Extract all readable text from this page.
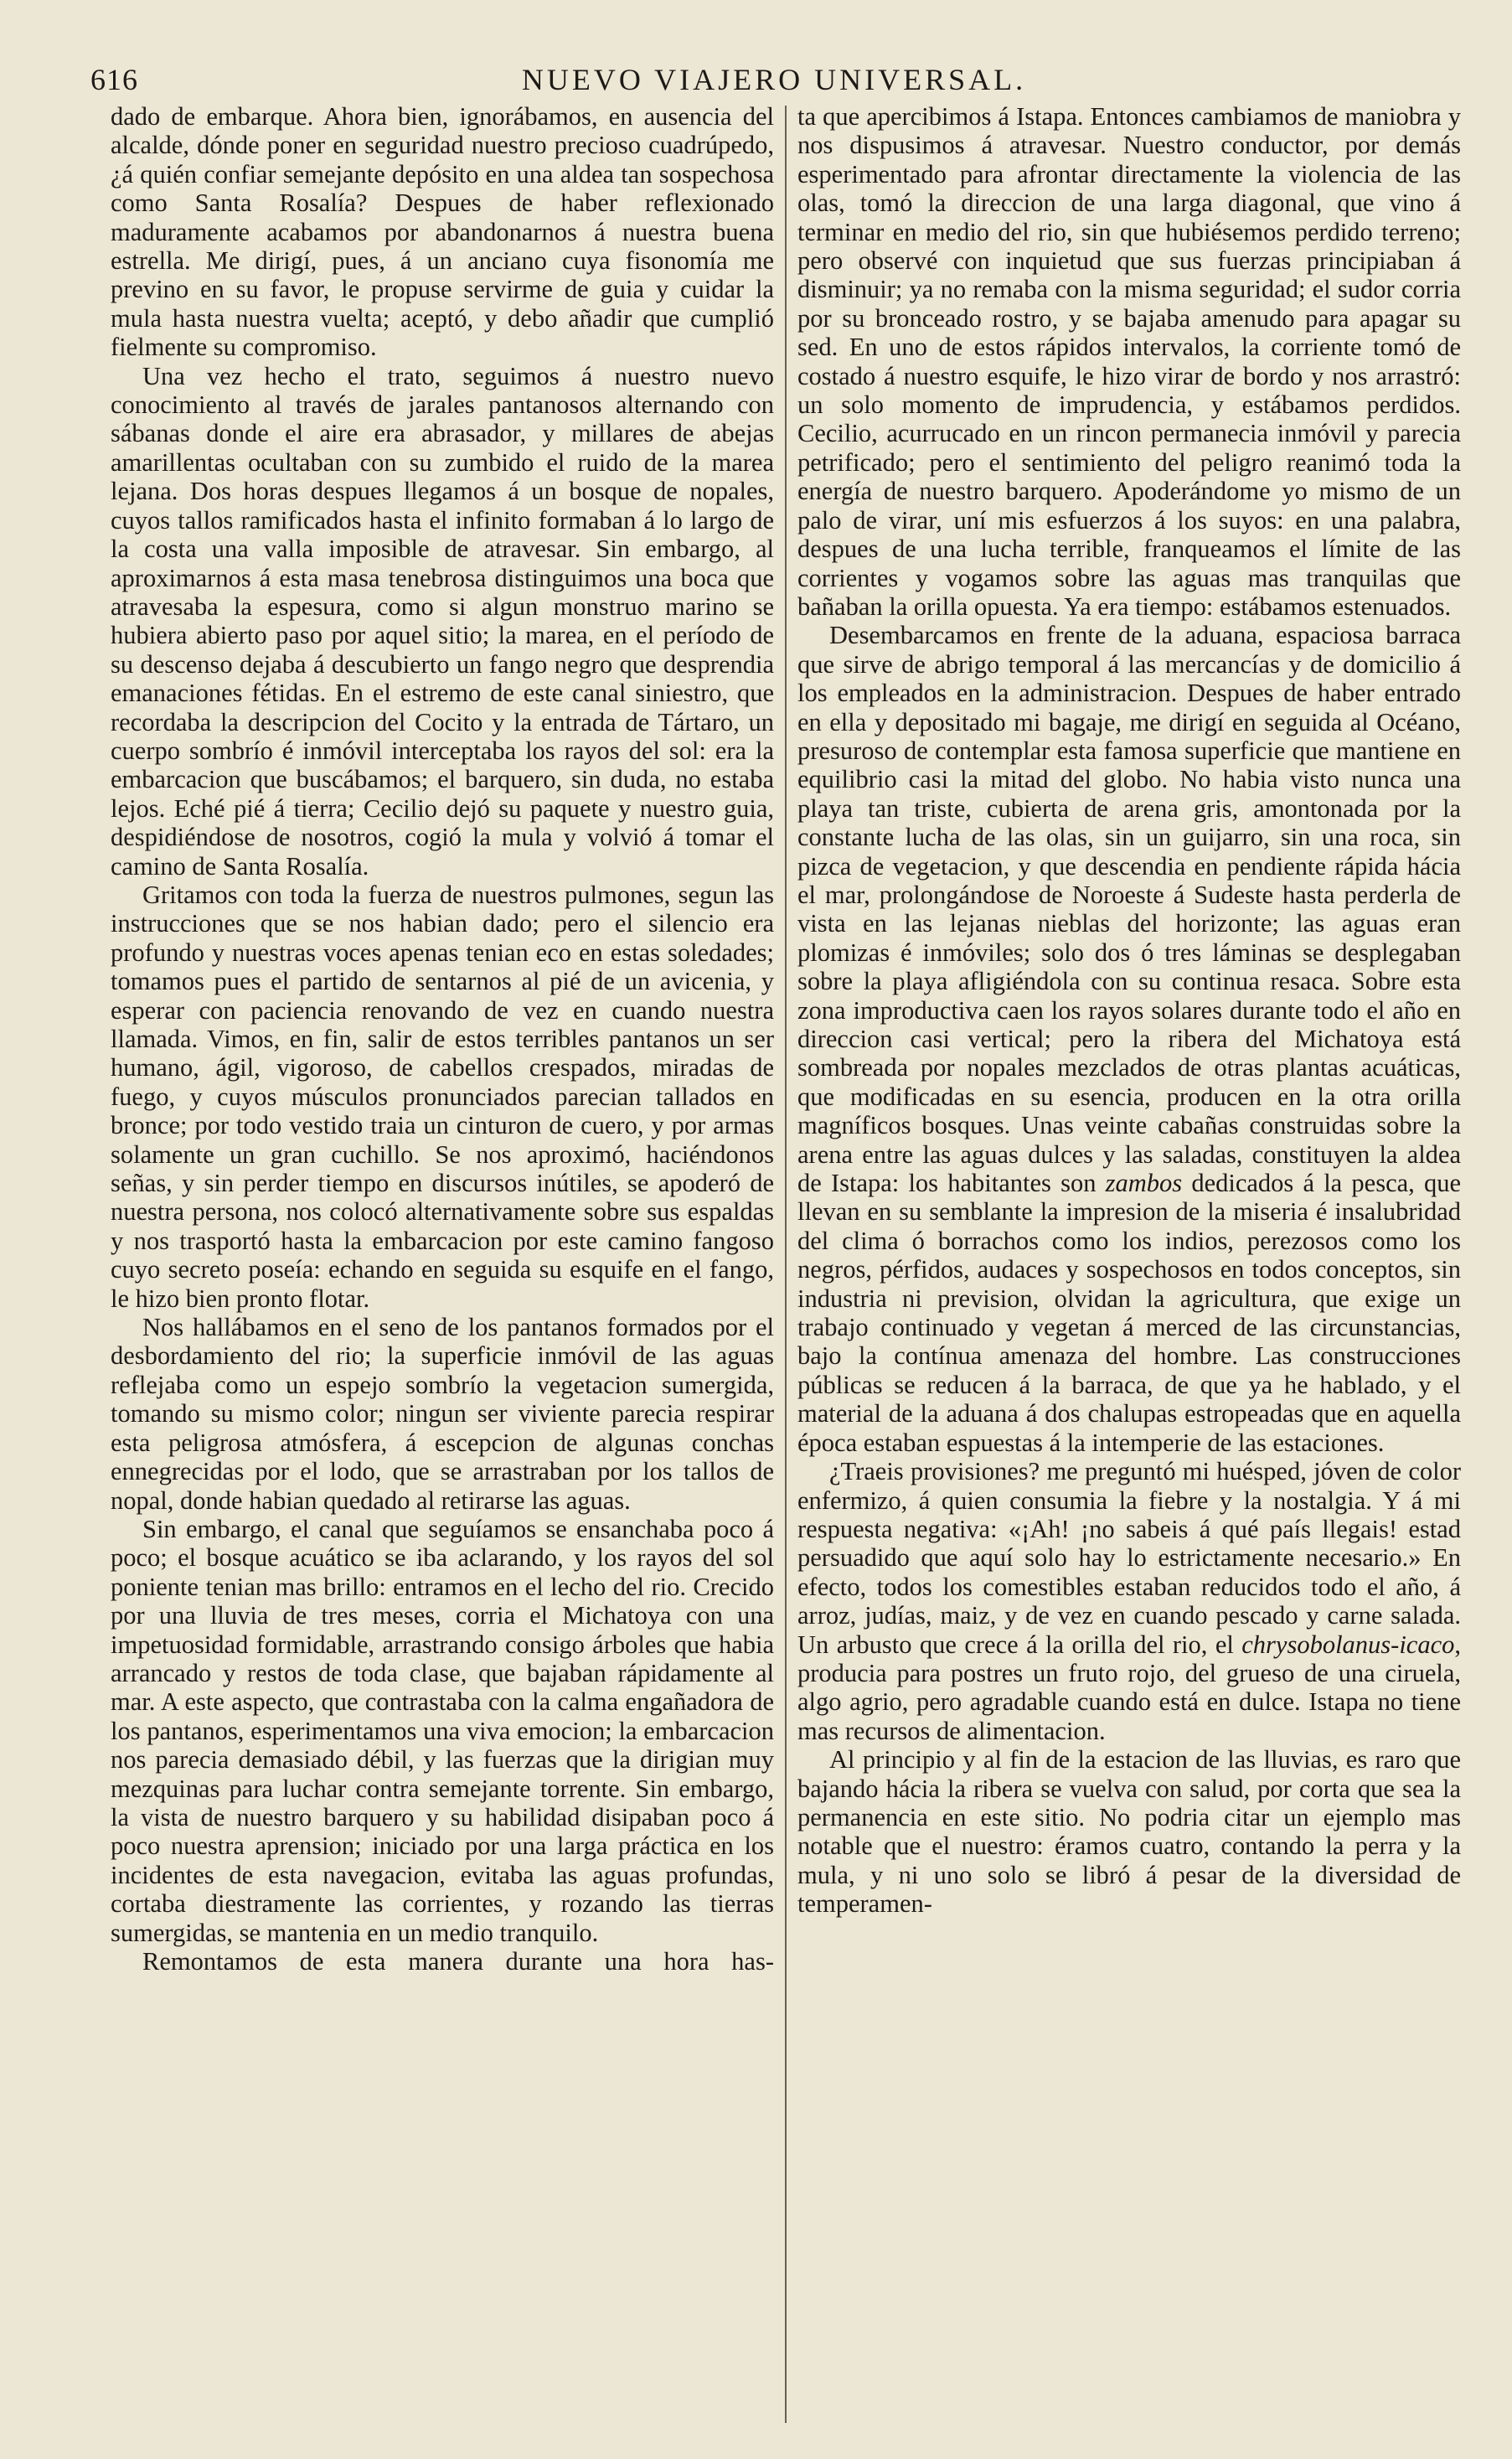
616	NUEVO VIAJERO UNIVERSAL.

dado de embarque. Ahora bien, ignorábamos, en ausencia del alcalde, dónde poner en seguridad nuestro precioso cuadrúpedo, ¿á quién confiar semejante depósito en una aldea tan sospechosa como Santa Rosalía? Despues de haber reflexionado maduramente acabamos por abandonarnos á nuestra buena estrella. Me dirigí, pues, á un anciano cuya fisonomía me previno en su favor, le propuse servirme de guia y cuidar la mula hasta nuestra vuelta; aceptó, y debo añadir que cumplió fielmente su compromiso.

Una vez hecho el trato, seguimos á nuestro nuevo conocimiento al través de jarales pantanosos alternando con sábanas donde el aire era abrasador, y millares de abejas amarillentas ocultaban con su zumbido el ruido de la marea lejana. Dos horas despues llegamos á un bosque de nopales, cuyos tallos ramificados hasta el infinito formaban á lo largo de la costa una valla imposible de atravesar. Sin embargo, al aproximarnos á esta masa tenebrosa distinguimos una boca que atravesaba la espesura, como si algun monstruo marino se hubiera abierto paso por aquel sitio; la marea, en el período de su descenso dejaba á descubierto un fango negro que desprendia emanaciones fétidas. En el estremo de este canal siniestro, que recordaba la descripcion del Cocito y la entrada de Tártaro, un cuerpo sombrío é inmóvil interceptaba los rayos del sol: era la embarcacion que buscábamos; el barquero, sin duda, no estaba lejos. Eché pié á tierra; Cecilio dejó su paquete y nuestro guia, despidiéndose de nosotros, cogió la mula y volvió á tomar el camino de Santa Rosalía.

Gritamos con toda la fuerza de nuestros pulmones, segun las instrucciones que se nos habian dado; pero el silencio era profundo y nuestras voces apenas tenian eco en estas soledades; tomamos pues el partido de sentarnos al pié de un avicenia, y esperar con paciencia renovando de vez en cuando nuestra llamada. Vimos, en fin, salir de estos terribles pantanos un ser humano, ágil, vigoroso, de cabellos crespados, miradas de fuego, y cuyos músculos pronunciados parecian tallados en bronce; por todo vestido traia un cinturon de cuero, y por armas solamente un gran cuchillo. Se nos aproximó, haciéndonos señas, y sin perder tiempo en discursos inútiles, se apoderó de nuestra persona, nos colocó alternativamente sobre sus espaldas y nos trasportó hasta la embarcacion por este camino fangoso cuyo secreto poseía: echando en seguida su esquife en el fango, le hizo bien pronto flotar.

Nos hallábamos en el seno de los pantanos formados por el desbordamiento del rio; la superficie inmóvil de las aguas reflejaba como un espejo sombrío la vegetacion sumergida, tomando su mismo color; ningun ser viviente parecia respirar esta peligrosa atmósfera, á escepcion de algunas conchas ennegrecidas por el lodo, que se arrastraban por los tallos de nopal, donde habian quedado al retirarse las aguas.

Sin embargo, el canal que seguíamos se ensanchaba poco á poco; el bosque acuático se iba aclarando, y los rayos del sol poniente tenian mas brillo: entramos en el lecho del rio. Crecido por una lluvia de tres meses, corria el Michatoya con una impetuosidad formidable, arrastrando consigo árboles que habia arrancado y restos de toda clase, que bajaban rápidamente al mar. A este aspecto, que contrastaba con la calma engañadora de los pantanos, esperimentamos una viva emocion; la embarcacion nos parecia demasiado débil, y las fuerzas que la dirigian muy mezquinas para luchar contra semejante torrente. Sin embargo, la vista de nuestro barquero y su habilidad disipaban poco á poco nuestra aprension; iniciado por una larga práctica en los incidentes de esta navegacion, evitaba las aguas profundas, cortaba diestramente las corrientes, y rozando las tierras sumergidas, se mantenia en un medio tranquilo.

Remontamos de esta manera durante una hora has-

ta que apercibimos á Istapa. Entonces cambiamos de maniobra y nos dispusimos á atravesar. Nuestro conductor, por demás esperimentado para afrontar directamente la violencia de las olas, tomó la direccion de una larga diagonal, que vino á terminar en medio del rio, sin que hubiésemos perdido terreno; pero observé con inquietud que sus fuerzas principiaban á disminuir; ya no remaba con la misma seguridad; el sudor corria por su bronceado rostro, y se bajaba amenudo para apagar su sed. En uno de estos rápidos intervalos, la corriente tomó de costado á nuestro esquife, le hizo virar de bordo y nos arrastró: un solo momento de imprudencia, y estábamos perdidos. Cecilio, acurrucado en un rincon permanecia inmóvil y parecia petrificado; pero el sentimiento del peligro reanimó toda la energía de nuestro barquero. Apoderándome yo mismo de un palo de virar, uní mis esfuerzos á los suyos: en una palabra, despues de una lucha terrible, franqueamos el límite de las corrientes y vogamos sobre las aguas mas tranquilas que bañaban la orilla opuesta. Ya era tiempo: estábamos estenuados.

Desembarcamos en frente de la aduana, espaciosa barraca que sirve de abrigo temporal á las mercancías y de domicilio á los empleados en la administracion. Despues de haber entrado en ella y depositado mi bagaje, me dirigí en seguida al Océano, presuroso de contemplar esta famosa superficie que mantiene en equilibrio casi la mitad del globo. No habia visto nunca una playa tan triste, cubierta de arena gris, amontonada por la constante lucha de las olas, sin un guijarro, sin una roca, sin pizca de vegetacion, y que descendia en pendiente rápida hácia el mar, prolongándose de Noroeste á Sudeste hasta perderla de vista en las lejanas nieblas del horizonte; las aguas eran plomizas é inmóviles; solo dos ó tres láminas se desplegaban sobre la playa afligiéndola con su continua resaca. Sobre esta zona improductiva caen los rayos solares durante todo el año en direccion casi vertical; pero la ribera del Michatoya está sombreada por nopales mezclados de otras plantas acuáticas, que modificadas en su esencia, producen en la otra orilla magníficos bosques. Unas veinte cabañas construidas sobre la arena entre las aguas dulces y las saladas, constituyen la aldea de Istapa: los habitantes son zambos dedicados á la pesca, que llevan en su semblante la impresion de la miseria é insalubridad del clima ó borrachos como los indios, perezosos como los negros, pérfidos, audaces y sospechosos en todos conceptos, sin industria ni prevision, olvidan la agricultura, que exige un trabajo continuado y vegetan á merced de las circunstancias, bajo la contínua amenaza del hombre. Las construcciones públicas se reducen á la barraca, de que ya he hablado, y el material de la aduana á dos chalupas estropeadas que en aquella época estaban espuestas á la intemperie de las estaciones.

¿Traeis provisiones? me preguntó mi huésped, jóven de color enfermizo, á quien consumia la fiebre y la nostalgia. Y á mi respuesta negativa: «¡Ah! ¡no sabeis á qué país llegais! estad persuadido que aquí solo hay lo estrictamente necesario.» En efecto, todos los comestibles estaban reducidos todo el año, á arroz, judías, maiz, y de vez en cuando pescado y carne salada. Un arbusto que crece á la orilla del rio, el chrysobolanus-icaco, producia para postres un fruto rojo, del grueso de una ciruela, algo agrio, pero agradable cuando está en dulce. Istapa no tiene mas recursos de alimentacion.

Al principio y al fin de la estacion de las lluvias, es raro que bajando hácia la ribera se vuelva con salud, por corta que sea la permanencia en este sitio. No podria citar un ejemplo mas notable que el nuestro: éramos cuatro, contando la perra y la mula, y ni uno solo se libró á pesar de la diversidad de temperamen-
